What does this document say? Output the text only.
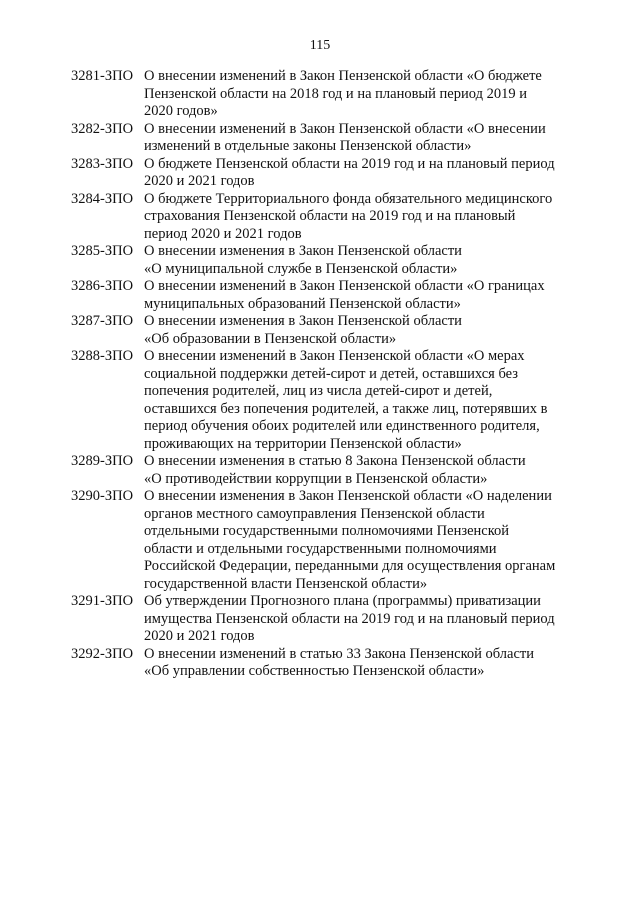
115
3281-ЗПО О внесении изменений в Закон Пензенской области «О бюджете
Пензенской области на 2018 год и на плановый период 2019 и
2020 годов»
3282-ЗПО О внесении изменений в Закон Пензенской области «О внесении
изменений в отдельные законы Пензенской области»
3283-ЗПО О бюджете Пензенской области на 2019 год и на плановый период
2020 и 2021 годов
3284-ЗПО О бюджете Территориального фонда обязательного медицинского
страхования Пензенской области на 2019 год и на плановый
период 2020 и 2021 годов
3285-ЗПО О внесении изменения в Закон Пензенской области
«О муниципальной службе в Пензенской области»
3286-ЗПО О внесении изменений в Закон Пензенской области «О границах
муниципальных образований Пензенской области»
3287-ЗПО О внесении изменения в Закон Пензенской области
«Об образовании в Пензенской области»
3288-ЗПО О внесении изменений в Закон Пензенской области «О мерах
социальной поддержки детей-сирот и детей, оставшихся без
попечения родителей, лиц из числа детей-сирот и детей,
оставшихся без попечения родителей, а также лиц, потерявших в
период обучения обоих родителей или единственного родителя,
проживающих на территории Пензенской области»
3289-ЗПО О внесении изменения в статью 8 Закона Пензенской области
«О противодействии коррупции в Пензенской области»
3290-ЗПО О внесении изменения в Закон Пензенской области «О наделении
органов местного самоуправления Пензенской области
отдельными государственными полномочиями Пензенской
области и отдельными государственными полномочиями
Российской Федерации, переданными для осуществления органам
государственной власти Пензенской области»
3291-ЗПО Об утверждении Прогнозного плана (программы) приватизации
имущества Пензенской области на 2019 год и на плановый период
2020 и 2021 годов
3292-ЗПО О внесении изменений в статью 33 Закона Пензенской области
«Об управлении собственностью Пензенской области»
